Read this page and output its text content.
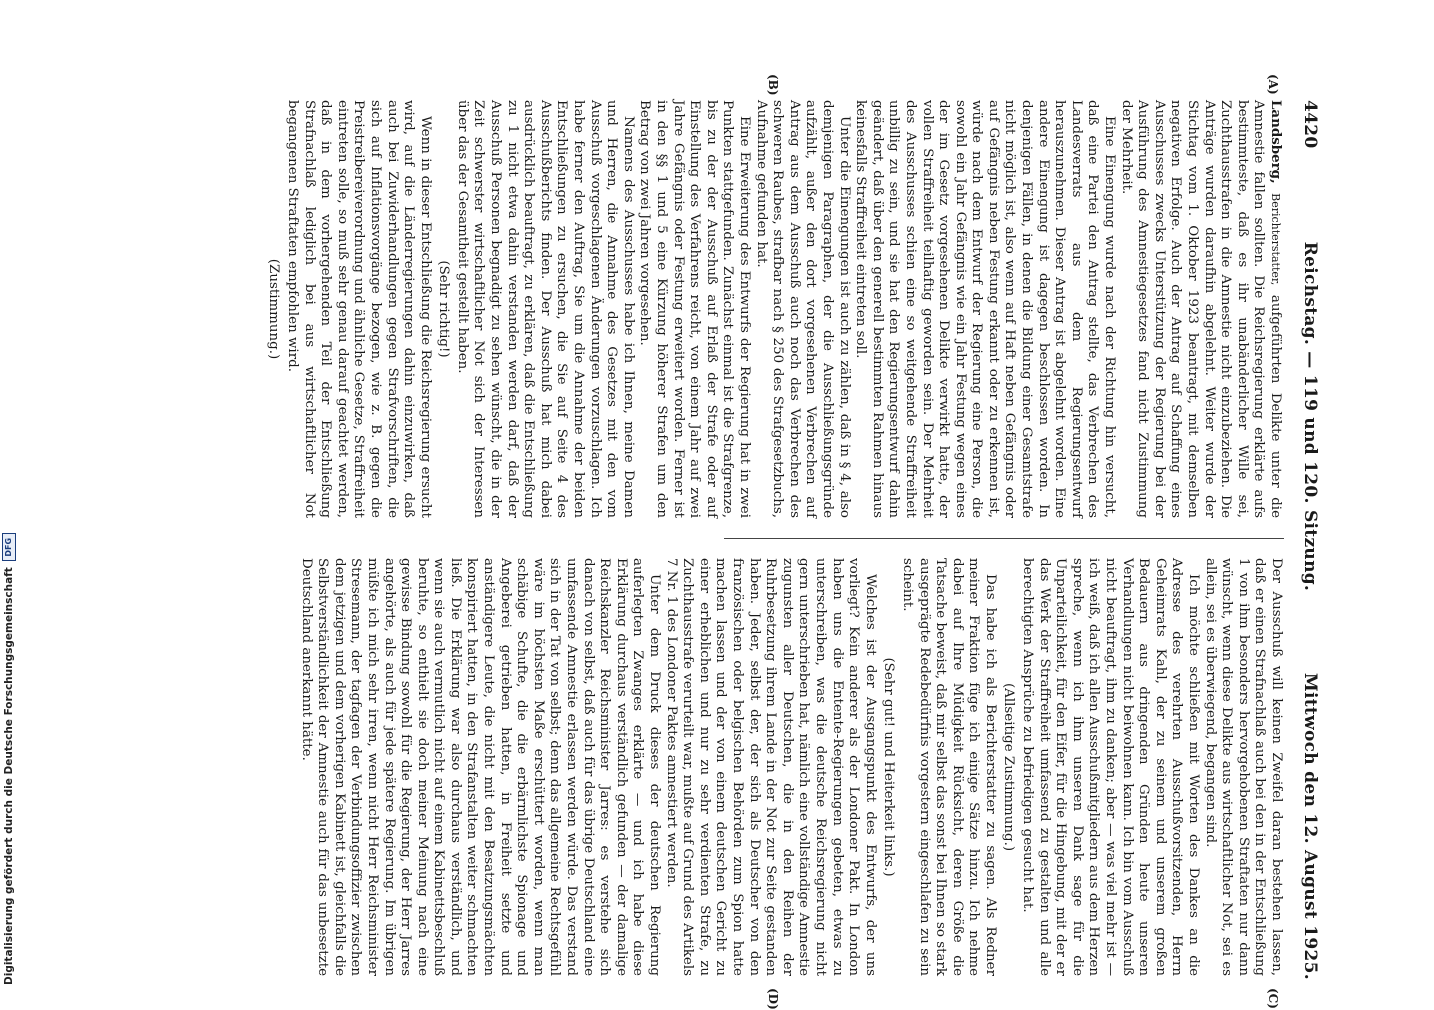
4420
Reichstag. — 119 und 120. Sitzung.
Mittwoch den 12. August 1925.
(A)
(B)
(C)
(D)

Landsberg, Berichterstatter, aufgeführten Delikte unter die Amnestie fallen sollten. Die Reichsregierung erklärte aufs bestimmteste, daß es ihr unabänderlicher Wille sei, Zuchthausstrafen in die Amnestie nicht einzubeziehen. Die Anträge wurden daraufhin abgelehnt. Weiter wurde der Stichtag vom 1. Oktober 1923 beantragt, mit demselben negativen Erfolge. Auch der Antrag auf Schaffung eines Ausschusses zwecks Unterstützung der Regierung bei der Ausführung des Amnestiegesetzes fand nicht Zustimmung der Mehrheit.

Eine Einengung wurde nach der Richtung hin versucht, daß eine Partei den Antrag stellte, das Verbrechen des Landesverrats aus dem Regierungsentwurf herauszunehmen. Dieser Antrag ist abgelehnt worden. Eine andere Einengung ist dagegen beschlossen worden. In denjenigen Fällen, in denen die Bildung einer Gesamtstrafe nicht möglich ist, also wenn auf Haft neben Gefängnis oder auf Gefängnis neben Festung erkannt oder zu erkennen ist, würde nach dem Entwurf der Regierung eine Person, die sowohl ein Jahr Gefängnis wie ein Jahr Festung wegen eines der im Gesetz vorgesehenen Delikte verwirkt hatte, der vollen Straffreiheit teilhaftig geworden sein. Der Mehrheit des Ausschusses schien eine so weitgehende Straffreiheit unbillig zu sein, und sie hat den Regierungsentwurf dahin geändert, daß über den generell bestimmten Rahmen hinaus keinesfalls Straffreiheit eintreten soll.

Unter die Einengungen ist auch zu zählen, daß in § 4, also demjenigen Paragraphen, der die Ausschließungsgründe aufzählt, außer den dort vorgesehenen Verbrechen auf Antrag aus dem Ausschuß auch noch das Verbrechen des schweren Raubes, strafbar nach § 250 des Strafgesetzbuchs, Aufnahme gefunden hat.

Eine Erweiterung des Entwurfs der Regierung hat in zwei Punkten stattgefunden. Zunächst einmal ist die Strafgrenze, bis zu der der Ausschuß auf Erlaß der Strafe oder auf Einstellung des Verfahrens reicht, von einem Jahr auf zwei Jahre Gefängnis oder Festung erweitert worden. Ferner ist in den §§ 1 und 5 eine Kürzung höherer Strafen um den Betrag von zwei Jahren vorgesehen.

Namens des Ausschusses habe ich Ihnen, meine Damen und Herren, die Annahme des Gesetzes mit den vom Ausschuß vorgeschlagenen Änderungen vorzuschlagen. Ich habe ferner den Auftrag, Sie um die Annahme der beiden Entschließungen zu ersuchen, die Sie auf Seite 4 des Ausschußberichts finden. Der Ausschuß hat mich dabei ausdrücklich beauftragt, zu erklären, daß die Entschließung zu 1 nicht etwa dahin verstanden werden darf, daß der Ausschuß Personen begnadigt zu sehen wünscht, die in der Zeit schwerster wirtschaftlicher Not sich der Interessen über das der Gesamtheit gestellt haben.

(Sehr richtig!)

Wenn in dieser Entschließung die Reichsregierung ersucht wird, auf die Länderregierungen dahin einzuwirken, daß auch bei Zuwiderhandlungen gegen Strafvorschriften, die sich auf Inflationsvorgänge bezogen, wie z. B. gegen die Preistreibereiverordnung und ähnliche Gesetze, Straffreiheit eintreten solle, so muß sehr genau darauf geachtet werden, daß in dem vorhergehenden Teil der Entschließung Strafnachlaß lediglich bei aus wirtschaftlicher Not begangenen Straftaten empfohlen wird.

(Zustimmung.)

Der Ausschuß will keinen Zweifel daran bestehen lassen, daß er einen Strafnachlaß auch bei den in der Entschließung 1 von ihm besonders hervorgehobenen Straftaten nur dann wünscht, wenn diese Delikte aus wirtschaftlicher Not, sei es allein, sei es überwiegend, begangen sind.

Ich möchte schließen mit Worten des Dankes an die Adresse des verehrten Ausschußvorsitzenden, Herrn Geheimrats Kahl, der zu seinem und unserem großen Bedauern aus dringenden Gründen heute unseren Verhandlungen nicht beiwohnen kann. Ich bin vom Ausschuß nicht beauftragt, ihm zu danken; aber — was viel mehr ist — ich weiß, daß ich allen Ausschußmitgliedern aus dem Herzen spreche, wenn ich ihm unseren Dank sage für die Unparteilichkeit, für den Eifer, für die Hingebung, mit der er das Werk der Straffreiheit umfassend zu gestalten und alle berechtigten Ansprüche zu befriedigen gesucht hat.

(Allseitige Zustimmung.)

Das habe ich als Berichterstatter zu sagen. Als Redner meiner Fraktion füge ich einige Sätze hinzu. Ich nehme dabei auf Ihre Müdigkeit Rücksicht, deren Größe die Tatsache beweist, daß mir selbst das sonst bei Ihnen so stark ausgeprägte Redebedürfnis vorgestern eingeschlafen zu sein scheint.

(Sehr gut! und Heiterkeit links.)

Welches ist der Ausgangspunkt des Entwurfs, der uns vorliegt? Kein anderer als der Londoner Pakt. In London haben uns die Entente-Regierungen gebeten, etwas zu unterschreiben, was die deutsche Reichsregierung nicht gern unterschrieben hat, nämlich eine vollständige Amnestie zugunsten aller Deutschen, die in den Reihen der Ruhrbesetzung ihrem Lande in der Not zur Seite gestanden haben. Jeder, selbst der, der sich als Deutscher von den französischen oder belgischen Behörden zum Spion hatte machen lassen und der von einem deutschen Gericht zu einer erheblichen und nur zu sehr verdienten Strafe, zu Zuchthausstrafe verurteilt war, mußte auf Grund des Artikels 7 Nr. 1 des Londoner Paktes amnestiert werden.

Unter dem Druck dieses der deutschen Regierung auferlegten Zwanges erklärte — und ich habe diese Erklärung durchaus verständlich gefunden — der damalige Reichskanzler Reichsminister Jarres: es verstehe sich danach von selbst, daß auch für das übrige Deutschland eine umfassende Amnestie erlassen werden würde. Das verstand sich in der Tat von selbst; denn das allgemeine Rechtsgefühl wäre im höchsten Maße erschüttert worden, wenn man schäbige Schufte, die die erbärmlichste Spionage und Angeberei getrieben hatten, in Freiheit setzte und anständigere Leute, die nicht mit den Besatzungsmächten konspiriert hatten, in den Strafanstalten weiter schmachten ließ. Die Erklärung war also durchaus verständlich, und wenn sie auch vermutlich nicht auf einem Kabinettsbeschluß beruhte, so enthielt sie doch meiner Meinung nach eine gewisse Bindung sowohl für die Regierung, der Herr Jarres angehörte, als auch für jede spätere Regierung. Im übrigen müßte ich mich sehr irren, wenn nicht Herr Reichsminister Stresemann, der tagfagen der Verbindungsoffizier zwischen dem jetzigen und dem vorherigen Kabinett ist, gleichfalls die Selbstverständlichkeit der Amnestie auch für das unbesetzte Deutschland anerkannt hätte.

Digitalisierung gefördert durch die Deutsche Forschungsgemeinschaft
DFG
